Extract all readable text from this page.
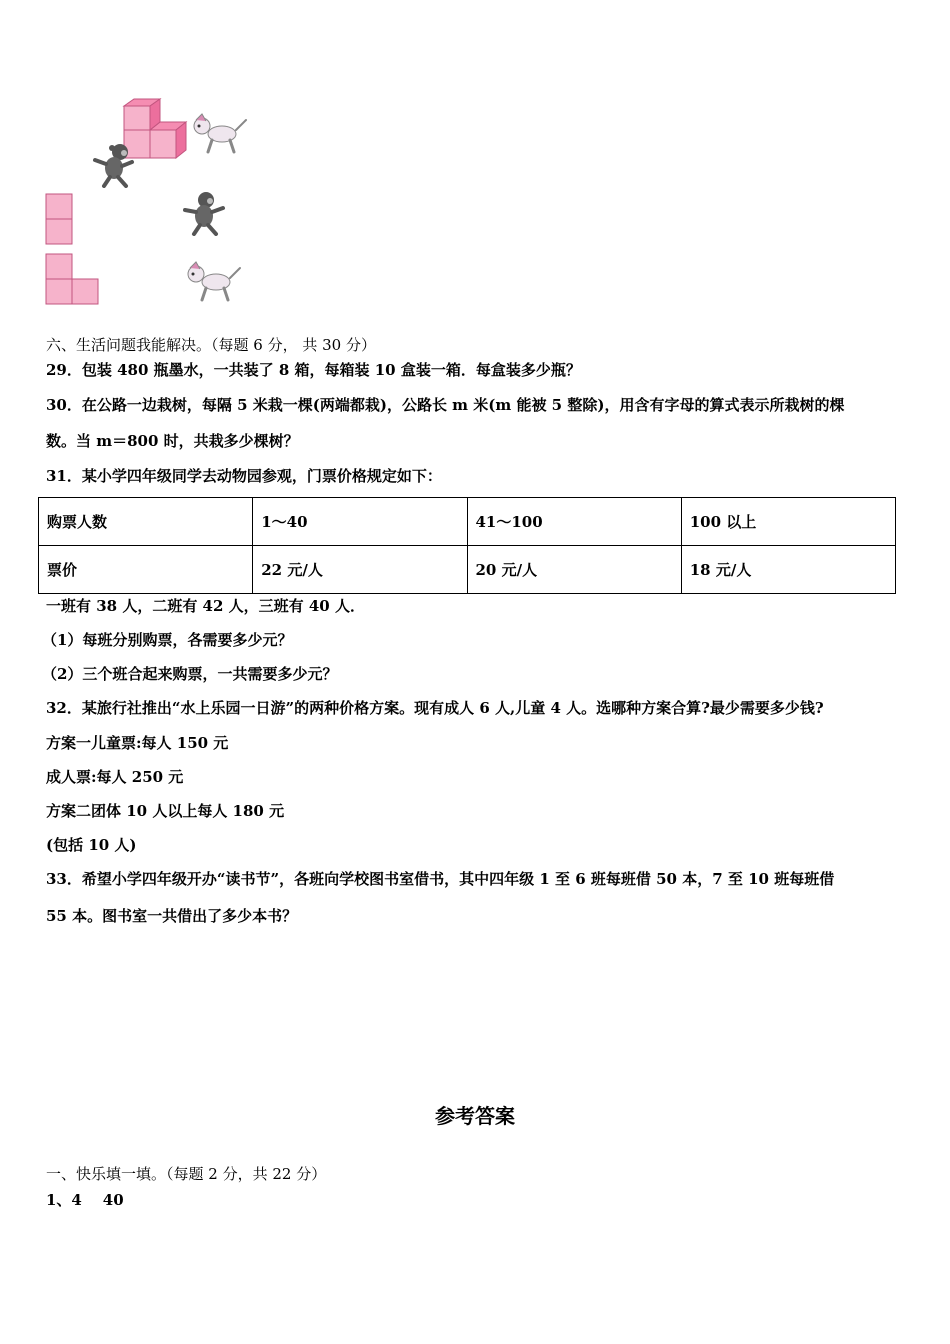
六、生活问题我能解决。（每题 6 分， 共 30 分）
29．包装 480 瓶墨水，一共装了 8 箱，每箱装 10 盒装一箱．每盒装多少瓶？
30．在公路一边栽树，每隔 5 米栽一棵(两端都栽)，公路长 m 米(m 能被 5 整除)，用含有字母的算式表示所栽树的棵
数。当 m＝800 时，共栽多少棵树？
31．某小学四年级同学去动物园参观，门票价格规定如下：
购票人数	1～40	41～100	100 以上
票价	22 元/人	20 元/人	18 元/人
一班有 38 人，二班有 42 人，三班有 40 人．
（1）每班分别购票，各需要多少元？
（2）三个班合起来购票，一共需要多少元？
32．某旅行社推出“水上乐园一日游”的两种价格方案。现有成人 6 人,儿童 4 人。选哪种方案合算?最少需要多少钱?
方案一儿童票:每人 150 元
成人票:每人 250 元
方案二团体 10 人以上每人 180 元
(包括 10 人)
33．希望小学四年级开办“读书节”，各班向学校图书室借书，其中四年级 1 至 6 班每班借 50 本，7 至 10 班每班借
55 本。图书室一共借出了多少本书？
参考答案
一、快乐填一填。（每题 2 分，共 22 分）
1、4    40
